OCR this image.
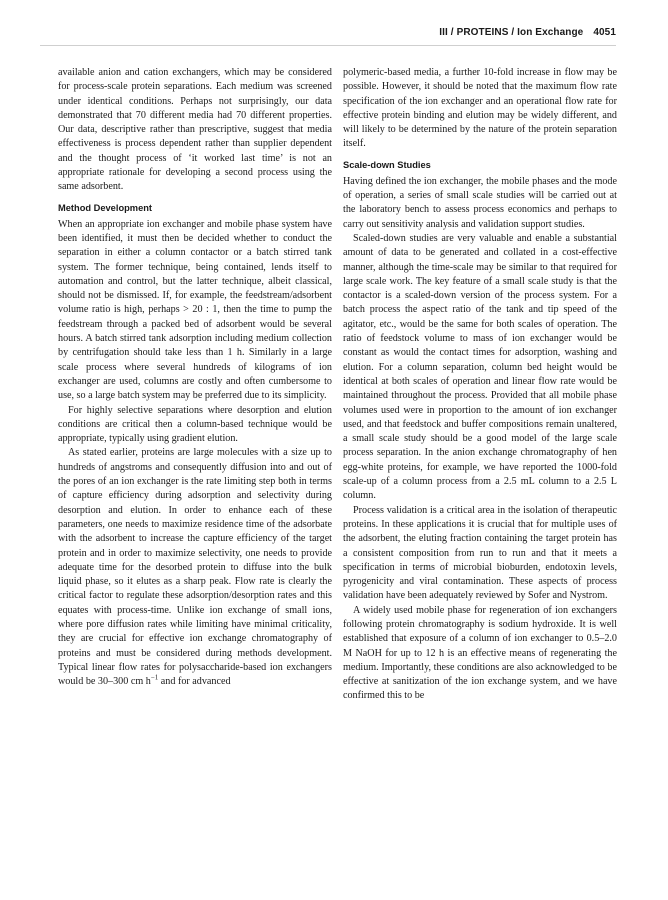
III / PROTEINS / Ion Exchange 4051

available anion and cation exchangers, which may be considered for process-scale protein separations. Each medium was screened under identical conditions. Perhaps not surprisingly, our data demonstrated that 70 different media had 70 different properties. Our data, descriptive rather than prescriptive, suggest that media effectiveness is process dependent rather than supplier dependent and the thought process of ‘it worked last time’ is not an appropriate rationale for developing a second process using the same adsorbent.

Method Development

When an appropriate ion exchanger and mobile phase system have been identified, it must then be decided whether to conduct the separation in either a column contactor or a batch stirred tank system. The former technique, being contained, lends itself to automation and control, but the latter technique, albeit classical, should not be dismissed. If, for example, the feedstream/adsorbent volume ratio is high, perhaps > 20 : 1, then the time to pump the feedstream through a packed bed of adsorbent would be several hours. A batch stirred tank adsorption including medium collection by centrifugation should take less than 1 h. Similarly in a large scale process where several hundreds of kilograms of ion exchanger are used, columns are costly and often cumbersome to use, so a large batch system may be preferred due to its simplicity.

For highly selective separations where desorption and elution conditions are critical then a column-based technique would be appropriate, typically using gradient elution.

As stated earlier, proteins are large molecules with a size up to hundreds of angstroms and consequently diffusion into and out of the pores of an ion exchanger is the rate limiting step both in terms of capture efficiency during adsorption and selectivity during desorption and elution. In order to enhance each of these parameters, one needs to maximize residence time of the adsorbate with the adsorbent to increase the capture efficiency of the target protein and in order to maximize selectivity, one needs to provide adequate time for the desorbed protein to diffuse into the bulk liquid phase, so it elutes as a sharp peak. Flow rate is clearly the critical factor to regulate these adsorption/desorption rates and this equates with process-time. Unlike ion exchange of small ions, where pore diffusion rates while limiting have minimal criticality, they are crucial for effective ion exchange chromatography of proteins and must be considered during methods development. Typical linear flow rates for polysaccharide-based ion exchangers would be 30–300 cm $h^{-1}$ and for advanced

polymeric-based media, a further 10-fold increase in flow may be possible. However, it should be noted that the maximum flow rate specification of the ion exchanger and an operational flow rate for effective protein binding and elution may be widely different, and will likely to be determined by the nature of the protein separation itself.

Scale-down Studies

Having defined the ion exchanger, the mobile phases and the mode of operation, a series of small scale studies will be carried out at the laboratory bench to assess process economics and perhaps to carry out sensitivity analysis and validation support studies.

Scaled-down studies are very valuable and enable a substantial amount of data to be generated and collated in a cost-effective manner, although the time-scale may be similar to that required for large scale work. The key feature of a small scale study is that the contactor is a scaled-down version of the process system. For a batch process the aspect ratio of the tank and tip speed of the agitator, etc., would be the same for both scales of operation. The ratio of feedstock volume to mass of ion exchanger would be constant as would the contact times for adsorption, washing and elution. For a column separation, column bed height would be identical at both scales of operation and linear flow rate would be maintained throughout the process. Provided that all mobile phase volumes used were in proportion to the amount of ion exchanger used, and that feedstock and buffer compositions remain unaltered, a small scale study should be a good model of the large scale process separation. In the anion exchange chromatography of hen egg-white proteins, for example, we have reported the 1000-fold scale-up of a column process from a 2.5 mL column to a 2.5 L column.

Process validation is a critical area in the isolation of therapeutic proteins. In these applications it is crucial that for multiple uses of the adsorbent, the eluting fraction containing the target protein has a consistent composition from run to run and that it meets a specification in terms of microbial bioburden, endotoxin levels, pyrogenicity and viral contamination. These aspects of process validation have been adequately reviewed by Sofer and Nystrom.

A widely used mobile phase for regeneration of ion exchangers following protein chromatography is sodium hydroxide. It is well established that exposure of a column of ion exchanger to 0.5–2.0 M NaOH for up to 12 h is an effective means of regenerating the medium. Importantly, these conditions are also acknowledged to be effective at sanitization of the ion exchange system, and we have confirmed this to be
